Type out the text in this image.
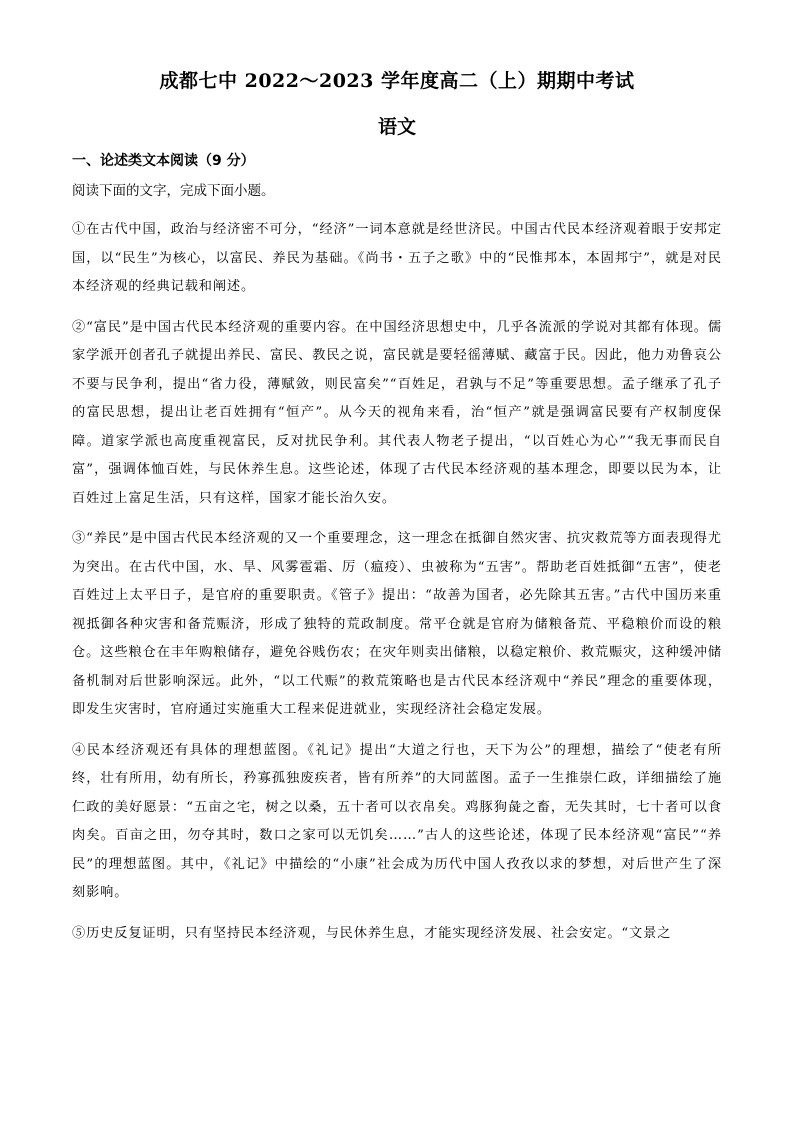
成都七中 2022～2023 学年度高二（上）期期中考试
语文
一、论述类文本阅读（9 分）
阅读下面的文字，完成下面小题。

①在古代中国，政治与经济密不可分，“经济”一词本意就是经世济民。中国古代民本经济观着眼于安邦定国，以“民生”为核心，以富民、养民为基础。《尚书・五子之歌》中的“民惟邦本，本固邦宁”，就是对民本经济观的经典记载和阐述。

②“富民”是中国古代民本经济观的重要内容。在中国经济思想史中，几乎各流派的学说对其都有体现。儒家学派开创者孔子就提出养民、富民、教民之说，富民就是要轻徭薄赋、藏富于民。因此，他力劝鲁哀公不要与民争利，提出“省力役，薄赋敛，则民富矣”“百姓足，君孰与不足”等重要思想。孟子继承了孔子的富民思想，提出让老百姓拥有“恒产”。从今天的视角来看，治“恒产”就是强调富民要有产权制度保障。道家学派也高度重视富民，反对扰民争利。其代表人物老子提出，“以百姓心为心”“我无事而民自富”，强调体恤百姓，与民休养生息。这些论述，体现了古代民本经济观的基本理念，即要以民为本，让百姓过上富足生活，只有这样，国家才能长治久安。

③“养民”是中国古代民本经济观的又一个重要理念，这一理念在抵御自然灾害、抗灾救荒等方面表现得尤为突出。在古代中国，水、旱、风雾雹霜、厉（瘟疫）、虫被称为“五害”。帮助老百姓抵御“五害”，使老百姓过上太平日子，是官府的重要职责。《管子》提出：“故善为国者，必先除其五害。”古代中国历来重视抵御各种灾害和备荒赈济，形成了独特的荒政制度。常平仓就是官府为储粮备荒、平稳粮价而设的粮仓。这些粮仓在丰年购粮储存，避免谷贱伤农；在灾年则卖出储粮，以稳定粮价、救荒赈灾，这种缓冲储备机制对后世影响深远。此外，“以工代赈”的救荒策略也是古代民本经济观中“养民”理念的重要体现，即发生灾害时，官府通过实施重大工程来促进就业，实现经济社会稳定发展。

④民本经济观还有具体的理想蓝图。《礼记》提出“大道之行也，天下为公”的理想，描绘了“使老有所终，壮有所用，幼有所长，矜寡孤独废疾者，皆有所养”的大同蓝图。孟子一生推崇仁政，详细描绘了施仁政的美好愿景：“五亩之宅，树之以桑，五十者可以衣帛矣。鸡豚狗彘之畜，无失其时，七十者可以食肉矣。百亩之田，勿夺其时，数口之家可以无饥矣……”古人的这些论述，体现了民本经济观“富民”“养民”的理想蓝图。其中，《礼记》中描绘的“小康”社会成为历代中国人孜孜以求的梦想，对后世产生了深刻影响。

⑤历史反复证明，只有坚持民本经济观，与民休养生息，才能实现经济发展、社会安定。“文景之
